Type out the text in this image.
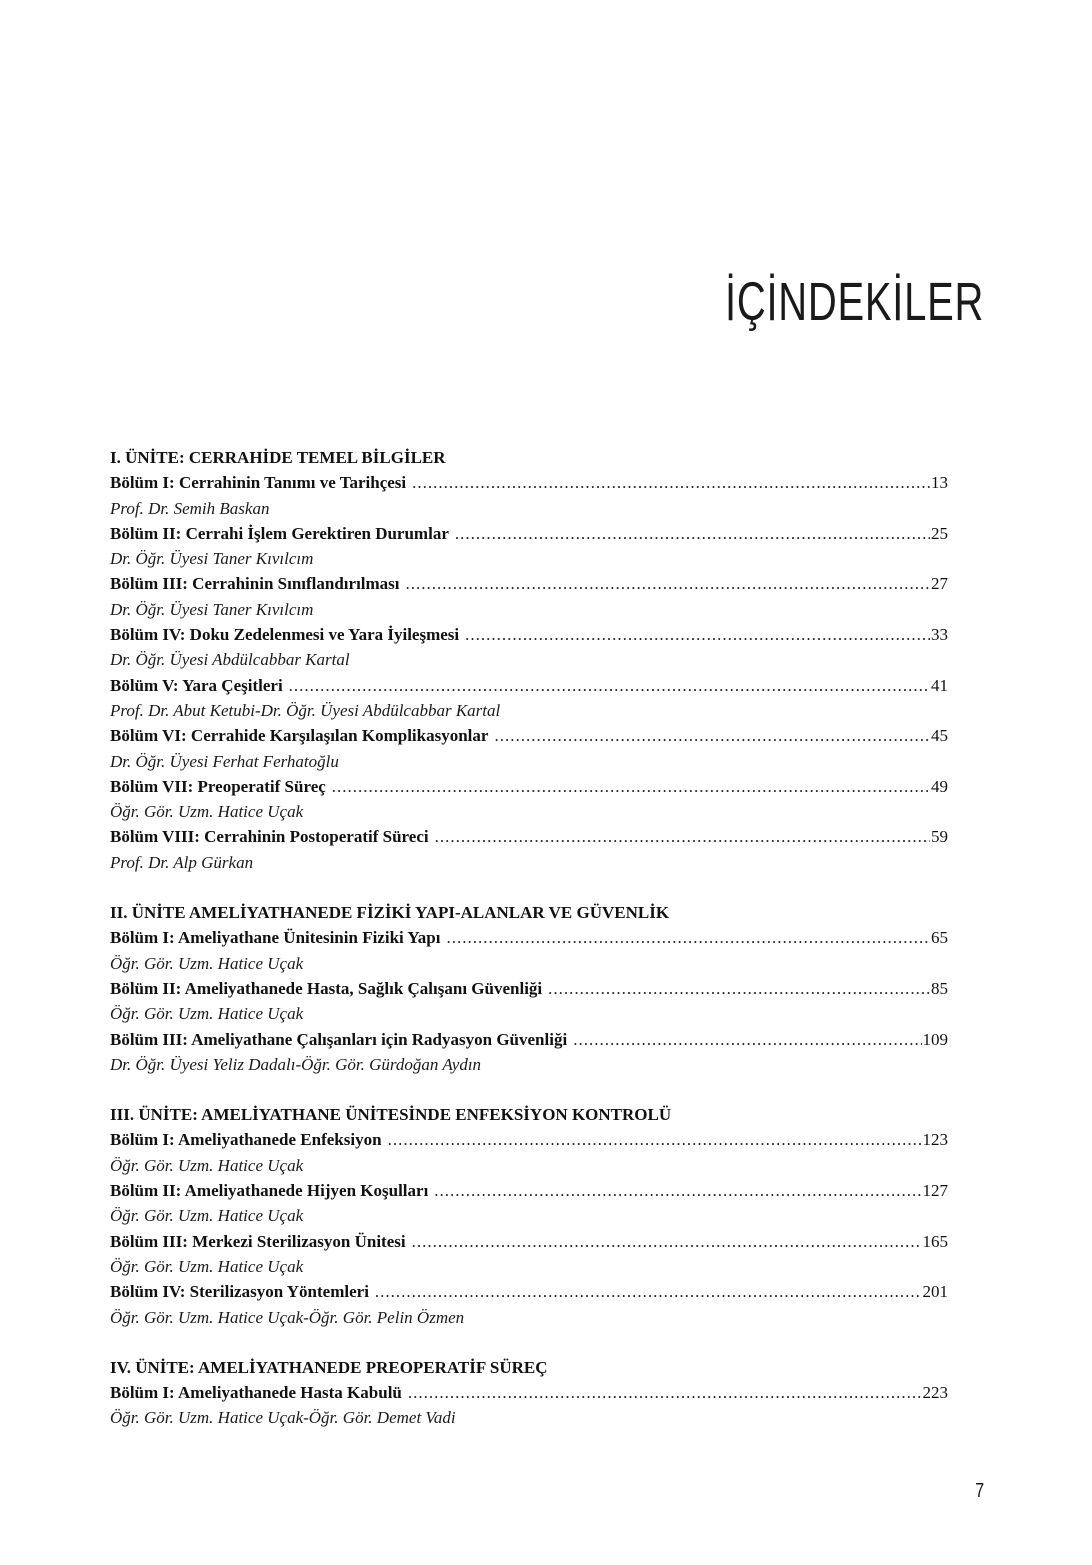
İÇİNDEKİLER
I. ÜNİTE: CERRAHİDE TEMEL BİLGİLER
Bölüm I: Cerrahinin Tanımı ve Tarihçesi .....	13
Prof. Dr. Semih Baskan
Bölüm II: Cerrahi İşlem Gerektiren Durumlar .....	25
Dr. Öğr. Üyesi Taner Kıvılcım
Bölüm III: Cerrahinin Sınıflandırılması .....	27
Dr. Öğr. Üyesi Taner Kıvılcım
Bölüm IV: Doku Zedelenmesi ve Yara İyileşmesi .....	33
Dr. Öğr. Üyesi Abdülcabbar Kartal
Bölüm V: Yara Çeşitleri .....	41
Prof. Dr. Abut Ketubi-Dr. Öğr. Üyesi Abdülcabbar Kartal
Bölüm VI: Cerrahide Karşılaşılan Komplikasyonlar .....	45
Dr. Öğr. Üyesi Ferhat Ferhatoğlu
Bölüm VII: Preoperatif Süreç .....	49
Öğr. Gör. Uzm. Hatice Uçak
Bölüm VIII: Cerrahinin Postoperatif Süreci .....	59
Prof. Dr. Alp Gürkan
II. ÜNİTE AMELİYATHANEDE FİZİKİ YAPI-ALANLAR VE GÜVENLİK
Bölüm I: Ameliyathane Ünitesinin Fiziki Yapı .....	65
Öğr. Gör. Uzm. Hatice Uçak
Bölüm II: Ameliyathanede Hasta, Sağlık Çalışanı Güvenliği .....	85
Öğr. Gör. Uzm. Hatice Uçak
Bölüm III: Ameliyathane Çalışanları için Radyasyon Güvenliği .....	109
Dr. Öğr. Üyesi Yeliz Dadalı-Öğr. Gör. Gürdoğan Aydın
III. ÜNİTE: AMELİYATHANE ÜNİTESİNDE ENFEKSİYON KONTROLÜ
Bölüm I: Ameliyathanede Enfeksiyon .....	123
Öğr. Gör. Uzm. Hatice Uçak
Bölüm II: Ameliyathanede Hijyen Koşulları .....	127
Öğr. Gör. Uzm. Hatice Uçak
Bölüm III: Merkezi Sterilizasyon Ünitesi .....	165
Öğr. Gör. Uzm. Hatice Uçak
Bölüm IV: Sterilizasyon Yöntemleri .....	201
Öğr. Gör. Uzm. Hatice Uçak-Öğr. Gör. Pelin Özmen
IV. ÜNİTE: AMELİYATHANEDE PREOPERATİF SÜREÇ
Bölüm I: Ameliyathanede Hasta Kabulü .....	223
Öğr. Gör. Uzm. Hatice Uçak-Öğr. Gör. Demet Vadi
7
